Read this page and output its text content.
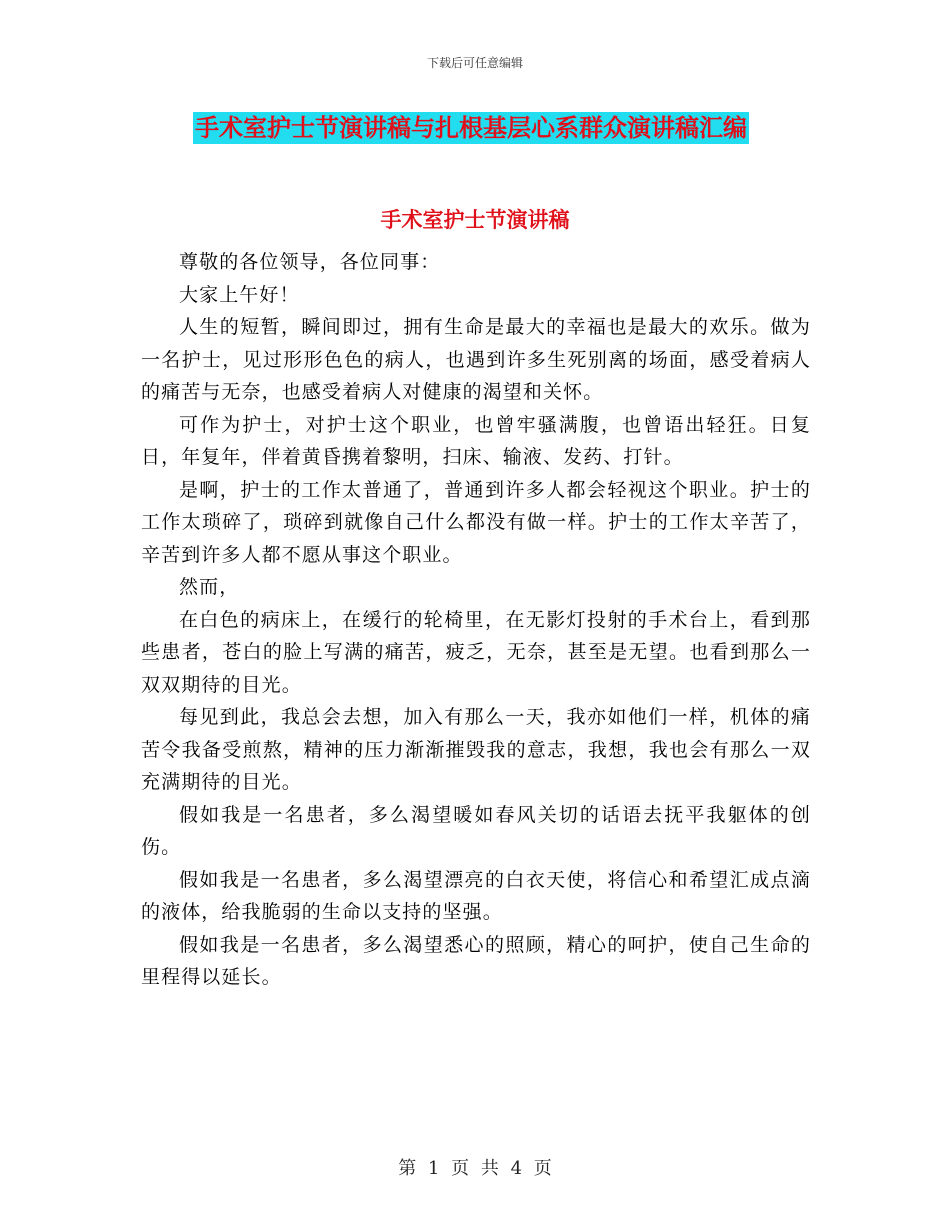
下载后可任意编辑
手术室护士节演讲稿与扎根基层心系群众演讲稿汇编
手术室护士节演讲稿

尊敬的各位领导，各位同事：

大家上午好！

人生的短暂，瞬间即过，拥有生命是最大的幸福也是最大的欢乐。做为一名护士，见过形形色色的病人，也遇到许多生死别离的场面，感受着病人的痛苦与无奈，也感受着病人对健康的渴望和关怀。

可作为护士，对护士这个职业，也曾牢骚满腹，也曾语出轻狂。日复日，年复年，伴着黄昏携着黎明，扫床、输液、发药、打针。

是啊，护士的工作太普通了，普通到许多人都会轻视这个职业。护士的工作太琐碎了，琐碎到就像自己什么都没有做一样。护士的工作太辛苦了，辛苦到许多人都不愿从事这个职业。

然而，

在白色的病床上，在缓行的轮椅里，在无影灯投射的手术台上，看到那些患者，苍白的脸上写满的痛苦，疲乏，无奈，甚至是无望。也看到那么一双双期待的目光。

每见到此，我总会去想，加入有那么一天，我亦如他们一样，机体的痛苦令我备受煎熬，精神的压力渐渐摧毁我的意志，我想，我也会有那么一双充满期待的目光。

假如我是一名患者，多么渴望暖如春风关切的话语去抚平我躯体的创伤。

假如我是一名患者，多么渴望漂亮的白衣天使，将信心和希望汇成点滴的液体，给我脆弱的生命以支持的坚强。

假如我是一名患者，多么渴望悉心的照顾，精心的呵护，使自己生命的里程得以延长。

第 1 页 共 4 页
